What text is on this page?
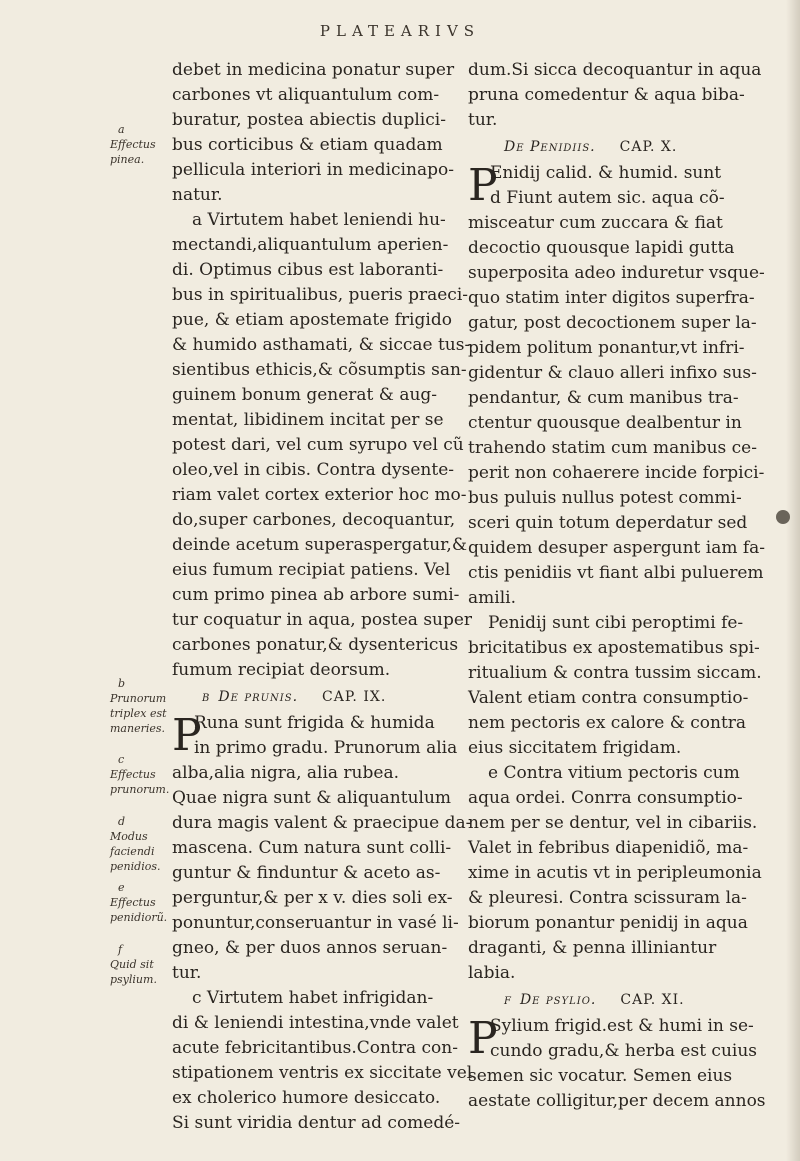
PLATEARIVS
a
Effectus pinea.
b
Prunorum triplex est maneries.
c
Effectus prunorum.
d
Modus faciendi penidios.
e
Effectus penidiorũ.
f
Quid sit psylium.
debet in medicina ponatur super
carbones vt aliquantulum com-
buratur, postea abiectis duplici-
bus corticibus & etiam quadam
pellicula interiori in medicinapo-
natur.
a Virtutem habet leniendi hu-
mectandi,aliquantulum aperien-
di. Optimus cibus est laboranti-
bus in spiritualibus, pueris praeci-
pue, & etiam apostemate frigido
& humido asthamati, & siccae tus-
sientibus ethicis,& cõsumptis san-
guinem bonum generat & aug-
mentat, libidinem incitat per se
potest dari, vel cum syrupo vel cũ
oleo,vel in cibis. Contra dysente-
riam valet cortex exterior hoc mo-
do,super carbones, decoquantur,
deinde acetum superaspergatur,&
eius fumum recipiat patiens. Vel
cum primo pinea ab arbore sumi-
tur coquatur in aqua, postea super
carbones ponatur,& dysentericus
fumum recipiat deorsum.
b De prunis. CAP. IX.
P
Runa sunt frigida & humida
in primo gradu. Prunorum alia
alba,alia nigra, alia rubea.
Quae nigra sunt & aliquantulum
dura magis valent & praecipue da-
mascena. Cum natura sunt colli-
guntur & finduntur & aceto as-
perguntur,& per x v. dies soli ex-
ponuntur,conseruantur in vasé li-
gneo, & per duos annos seruan-
tur.
c Virtutem habet infrigidan-
di & leniendi intestina,vnde valet
acute febricitantibus.Contra con-
stipationem ventris ex siccitate vel
ex cholerico humore desiccato.
Si sunt viridia dentur ad comedé-
dum.Si sicca decoquantur in aqua
pruna comedentur & aqua biba-
tur.
De Penidiis. CAP. X.
P
Enidij calid. & humid. sunt
d Fiunt autem sic. aqua cõ-
misceatur cum zuccara & fiat
decoctio quousque lapidi gutta
superposita adeo induretur vsque-
quo statim inter digitos superfra-
gatur, post decoctionem super la-
pidem politum ponantur,vt infri-
gidentur & clauo alleri infixo sus-
pendantur, & cum manibus tra-
ctentur quousque dealbentur in
trahendo statim cum manibus ce-
perit non cohaerere incide forpici-
bus puluis nullus potest commi-
sceri quin totum deperdatur sed
quidem desuper aspergunt iam fa-
ctis penidiis vt fiant albi puluerem
amili.
Penidij sunt cibi peroptimi fe-
bricitatibus ex apostematibus spi-
ritualium & contra tussim siccam.
Valent etiam contra consumptio-
nem pectoris ex calore & contra
eius siccitatem frigidam.
e Contra vitium pectoris cum
aqua ordei. Conrra consumptio-
nem per se dentur, vel in cibariis.
Valet in febribus diapenidiõ, ma-
xime in acutis vt in peripleumonia
& pleuresi. Contra scissuram la-
biorum ponantur penidij in aqua
draganti, & penna illiniantur
labia.
f De psylio. CAP. XI.
P
Sylium frigid.est & humi in se-
cundo gradu,& herba est cuius
semen sic vocatur. Semen eius
aestate colligitur,per decem annos
